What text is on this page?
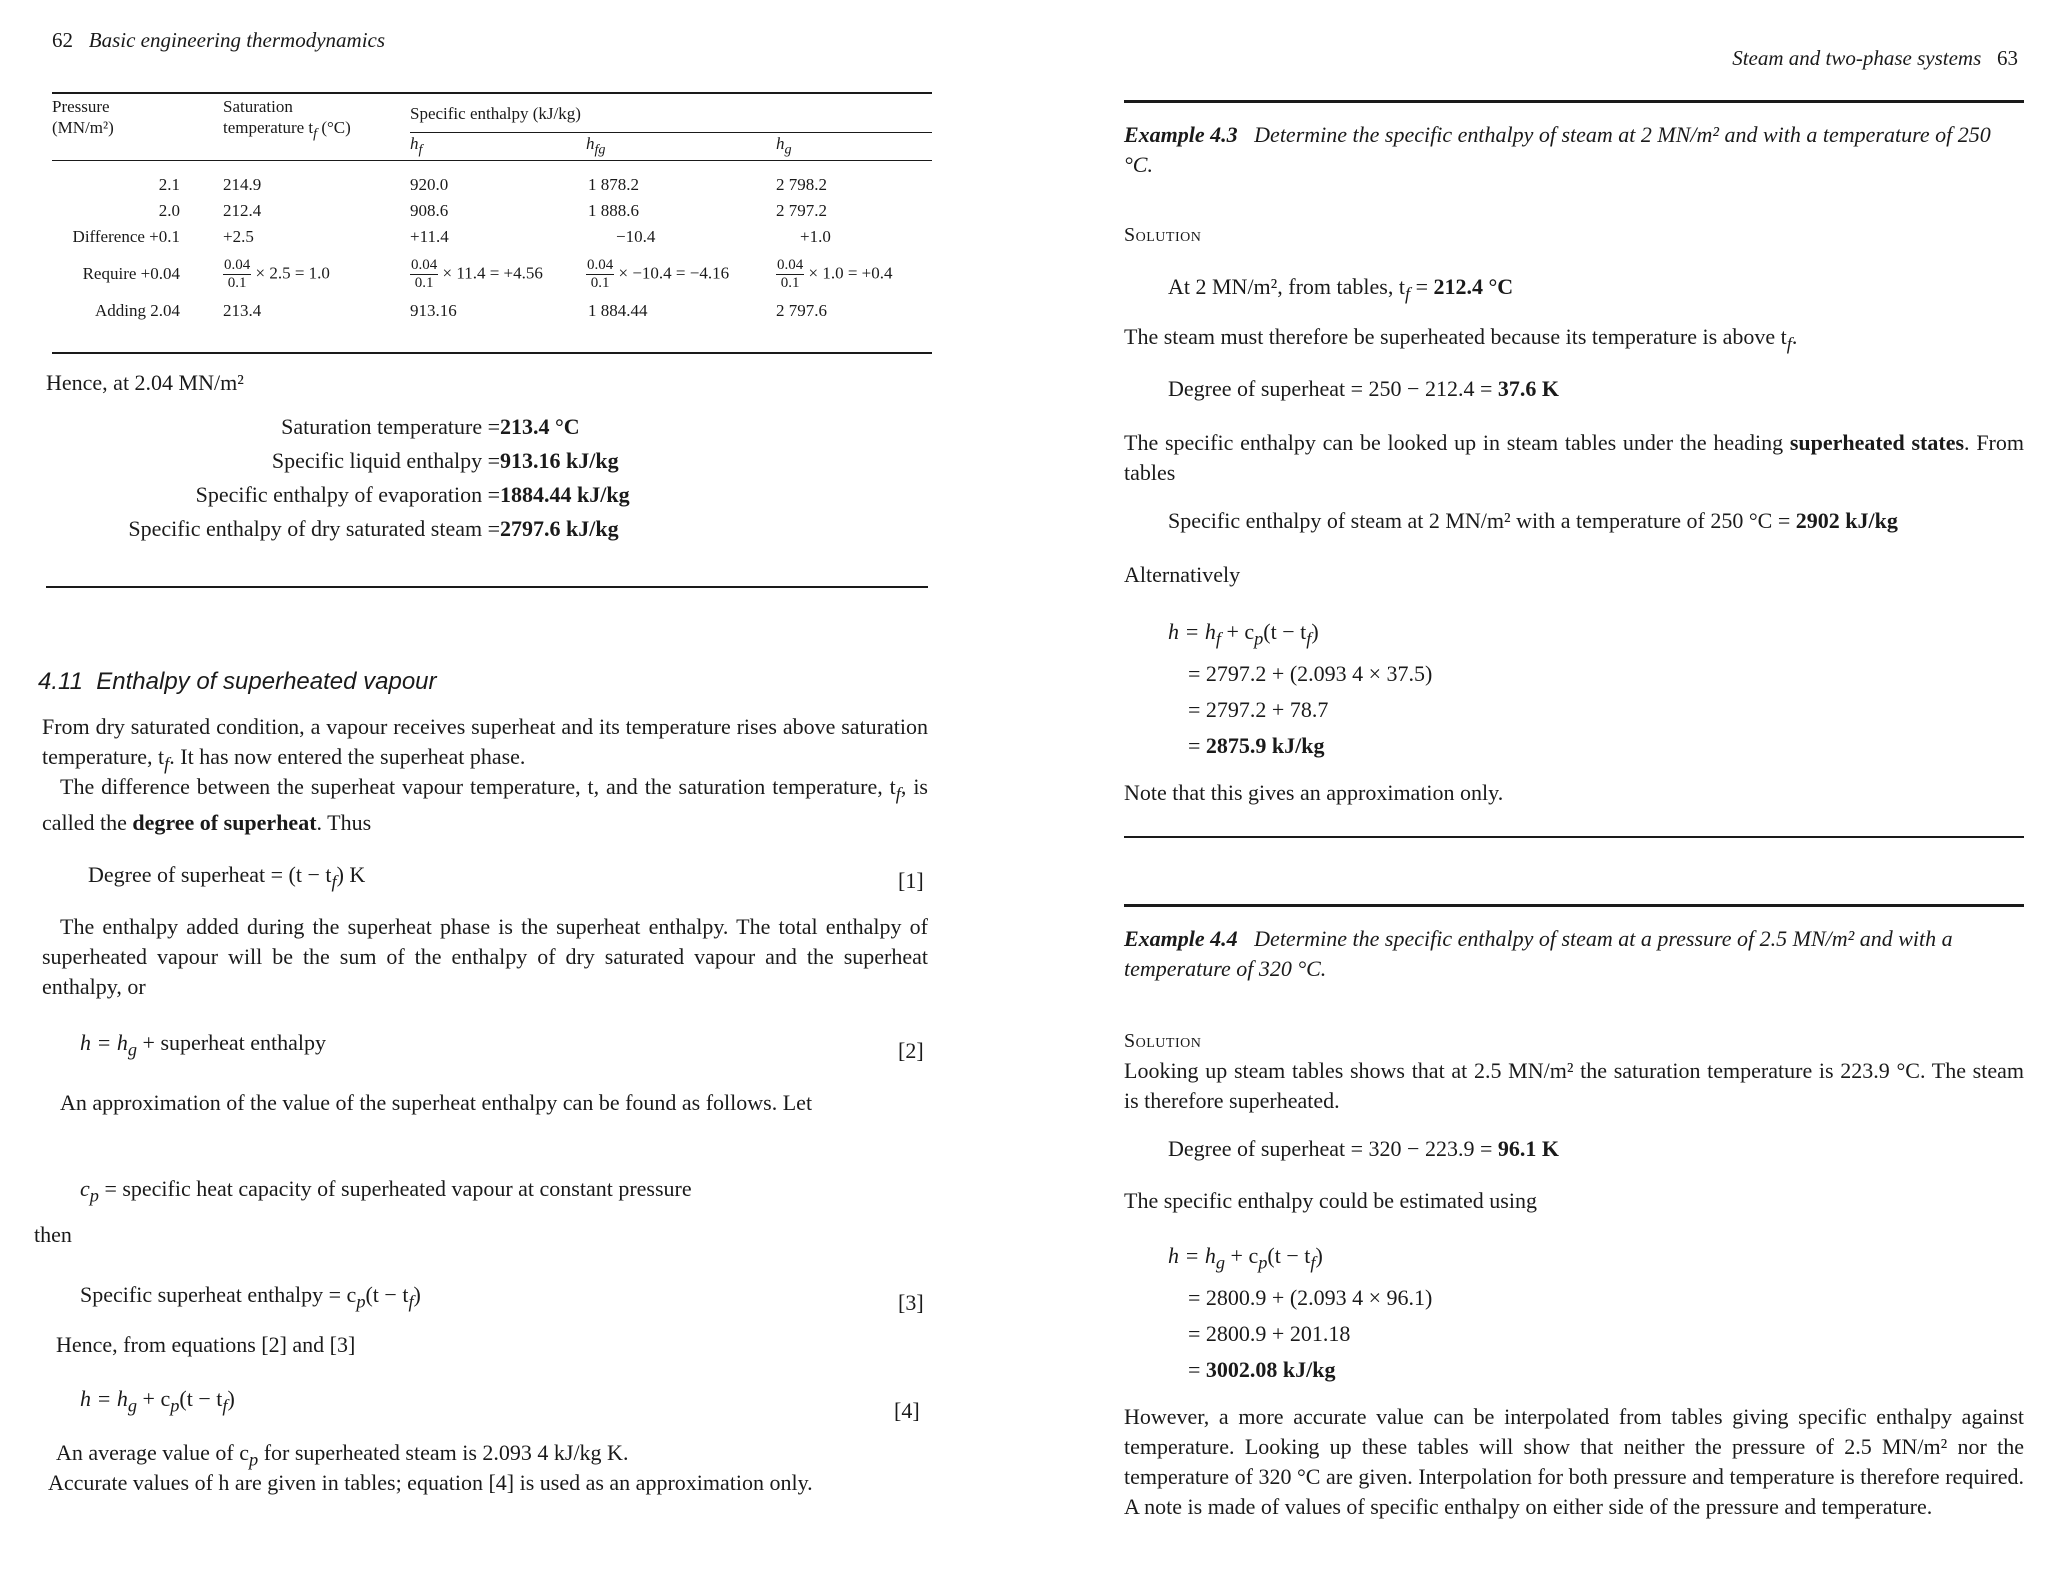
62 Basic engineering thermodynamics
Pressure
(MN/m²)
Saturation
temperature $t_f$ (°C)
Specific enthalpy (kJ/kg)
$h_f$	$h_{fg}$	$h_g$
2.1		214.9	920.0	1 878.2	2 798.2
2.0		212.4	908.6	1 888.6	2 797.2
Difference +0.1		+2.5	+11.4	−10.4	+1.0
Require +0.04		$\frac{0.04}{0.1} \times 2.5 = 1.0$	$\frac{0.04}{0.1} \times 11.4 = +4.56$	$\frac{0.04}{0.1} \times -10.4 = -4.16$	$\frac{0.04}{0.1} \times 1.0 = +0.4$
Adding 2.04		213.4	913.16	1 884.44	2 797.6
Hence, at 2.04 MN/m²
Saturation temperature = 213.4 °C
Specific liquid enthalpy = 913.16 kJ/kg
Specific enthalpy of evaporation = 1884.44 kJ/kg
Specific enthalpy of dry saturated steam = 2797.6 kJ/kg
4.11 Enthalpy of superheated vapour

From dry saturated condition, a vapour receives superheat and its temperature rises above saturation temperature, $t_f$. It has now entered the superheat phase.

The difference between the superheat vapour temperature, t, and the saturation temperature, $t_f$, is called the degree of superheat. Thus

Degree of superheat = $(t - t_f)$ K	[1]

The enthalpy added during the superheat phase is the superheat enthalpy. The total enthalpy of superheated vapour will be the sum of the enthalpy of dry saturated vapour and the superheat enthalpy, or

$h = h_g$ + superheat enthalpy	[2]

An approximation of the value of the superheat enthalpy can be found as follows. Let

$c_p$ = specific heat capacity of superheated vapour at constant pressure
then
Specific superheat enthalpy = $c_p(t - t_f)$	[3]
Hence, from equations [2] and [3]
$h = h_g + c_p(t - t_f)$	[4]

An average value of $c_p$ for superheated steam is 2.093 4 kJ/kg K.

Accurate values of h are given in tables; equation [4] is used as an approximation only.

Steam and two-phase systems 63

Example 4.3 Determine the specific enthalpy of steam at 2 MN/m² and with a temperature of 250 °C.

Solution
At 2 MN/m², from tables, $t_f = 212.4$ °C
The steam must therefore be superheated because its temperature is above $t_f$.
Degree of superheat = 250 − 212.4 = 37.6 K

The specific enthalpy can be looked up in steam tables under the heading superheated states. From tables

Specific enthalpy of steam at 2 MN/m² with a temperature of 250 °C = 2902 kJ/kg
Alternatively
$h = h_f + c_p(t - t_f)$
= 2797.2 + (2.093 4 × 37.5)
= 2797.2 + 78.7
= 2875.9 kJ/kg
Note that this gives an approximation only.

Example 4.4 Determine the specific enthalpy of steam at a pressure of 2.5 MN/m² and with a temperature of 320 °C.

Solution

Looking up steam tables shows that at 2.5 MN/m² the saturation temperature is 223.9 °C. The steam is therefore superheated.

Degree of superheat = 320 − 223.9 = 96.1 K
The specific enthalpy could be estimated using
$h = h_g + c_p(t - t_f)$
= 2800.9 + (2.093 4 × 96.1)
= 2800.9 + 201.18
= 3002.08 kJ/kg

However, a more accurate value can be interpolated from tables giving specific enthalpy against temperature. Looking up these tables will show that neither the pressure of 2.5 MN/m² nor the temperature of 320 °C are given. Interpolation for both pressure and temperature is therefore required. A note is made of values of specific enthalpy on either side of the pressure and temperature.
